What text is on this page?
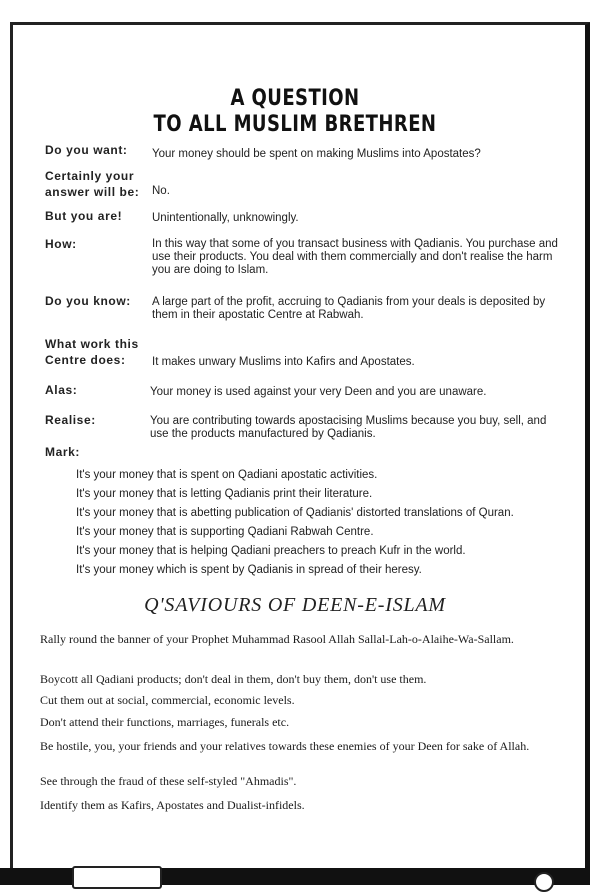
A QUESTION
TO ALL MUSLIM BRETHREN
Do you want: Your money should be spent on making Muslims into Apostates?
Certainly your answer will be:	No.
But you are!	Unintentionally, unknowingly.
How:	In this way that some of you transact business with Qadianis. You purchase and use their products. You deal with them commercially and don't realise the harm you are doing to Islam.
Do you know: A large part of the profit, accruing to Qadianis from your deals is deposited by them in their apostatic Centre at Rabwah.
What work this Centre does:	It makes unwary Muslims into Kafirs and Apostates.
Alas:	Your money is used against your very Deen and you are unaware.
Realise:	You are contributing towards apostacising Muslims because you buy, sell, and use the products manufactured by Qadianis.
Mark:
It's your money that is spent on Qadiani apostatic activities.
It's your money that is letting Qadianis print their literature.
It's your money that is abetting publication of Qadianis' distorted translations of Quran.
It's your money that is supporting Qadiani Rabwah Centre.
It's your money that is helping Qadiani preachers to preach Kufr in the world.
It's your money which is spent by Qadianis in spread of their heresy.
Q'SAVIOURS OF DEEN-E-ISLAM
Rally round the banner of your Prophet Muhammad Rasool Allah Sallal-Lah-o-Alaihe-Wa-Sallam.
Boycott all Qadiani products; don't deal in them, don't buy them, don't use them.
Cut them out at social, commercial, economic levels.
Don't attend their functions, marriages, funerals etc.
Be hostile, you, your friends and your relatives towards these enemies of your Deen for sake of Allah.
See through the fraud of these self-styled "Ahmadis".
Identify them as Kafirs, Apostates and Dualist-infidels.
